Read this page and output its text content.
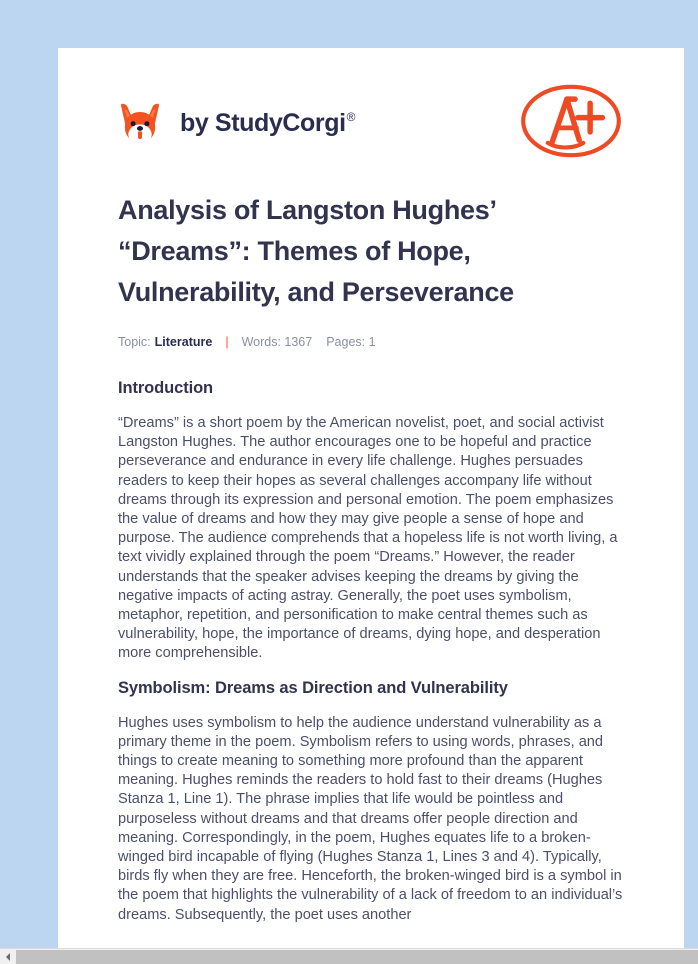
by StudyCorgi®
Analysis of Langston Hughes’ “Dreams”: Themes of Hope, Vulnerability, and Perseverance
Topic: Literature | Words: 1367 Pages: 1
Introduction

“Dreams” is a short poem by the American novelist, poet, and social activist Langston Hughes. The author encourages one to be hopeful and practice perseverance and endurance in every life challenge. Hughes persuades readers to keep their hopes as several challenges accompany life without dreams through its expression and personal emotion. The poem emphasizes the value of dreams and how they may give people a sense of hope and purpose. The audience comprehends that a hopeless life is not worth living, a text vividly explained through the poem “Dreams.” However, the reader understands that the speaker advises keeping the dreams by giving the negative impacts of acting astray. Generally, the poet uses symbolism, metaphor, repetition, and personification to make central themes such as vulnerability, hope, the importance of dreams, dying hope, and desperation more comprehensible.

Symbolism: Dreams as Direction and Vulnerability

Hughes uses symbolism to help the audience understand vulnerability as a primary theme in the poem. Symbolism refers to using words, phrases, and things to create meaning to something more profound than the apparent meaning. Hughes reminds the readers to hold fast to their dreams (Hughes Stanza 1, Line 1). The phrase implies that life would be pointless and purposeless without dreams and that dreams offer people direction and meaning. Correspondingly, in the poem, Hughes equates life to a broken-winged bird incapable of flying (Hughes Stanza 1, Lines 3 and 4). Typically, birds fly when they are free. Henceforth, the broken-winged bird is a symbol in the poem that highlights the vulnerability of a lack of freedom to an individual’s dreams. Subsequently, the poet uses another
